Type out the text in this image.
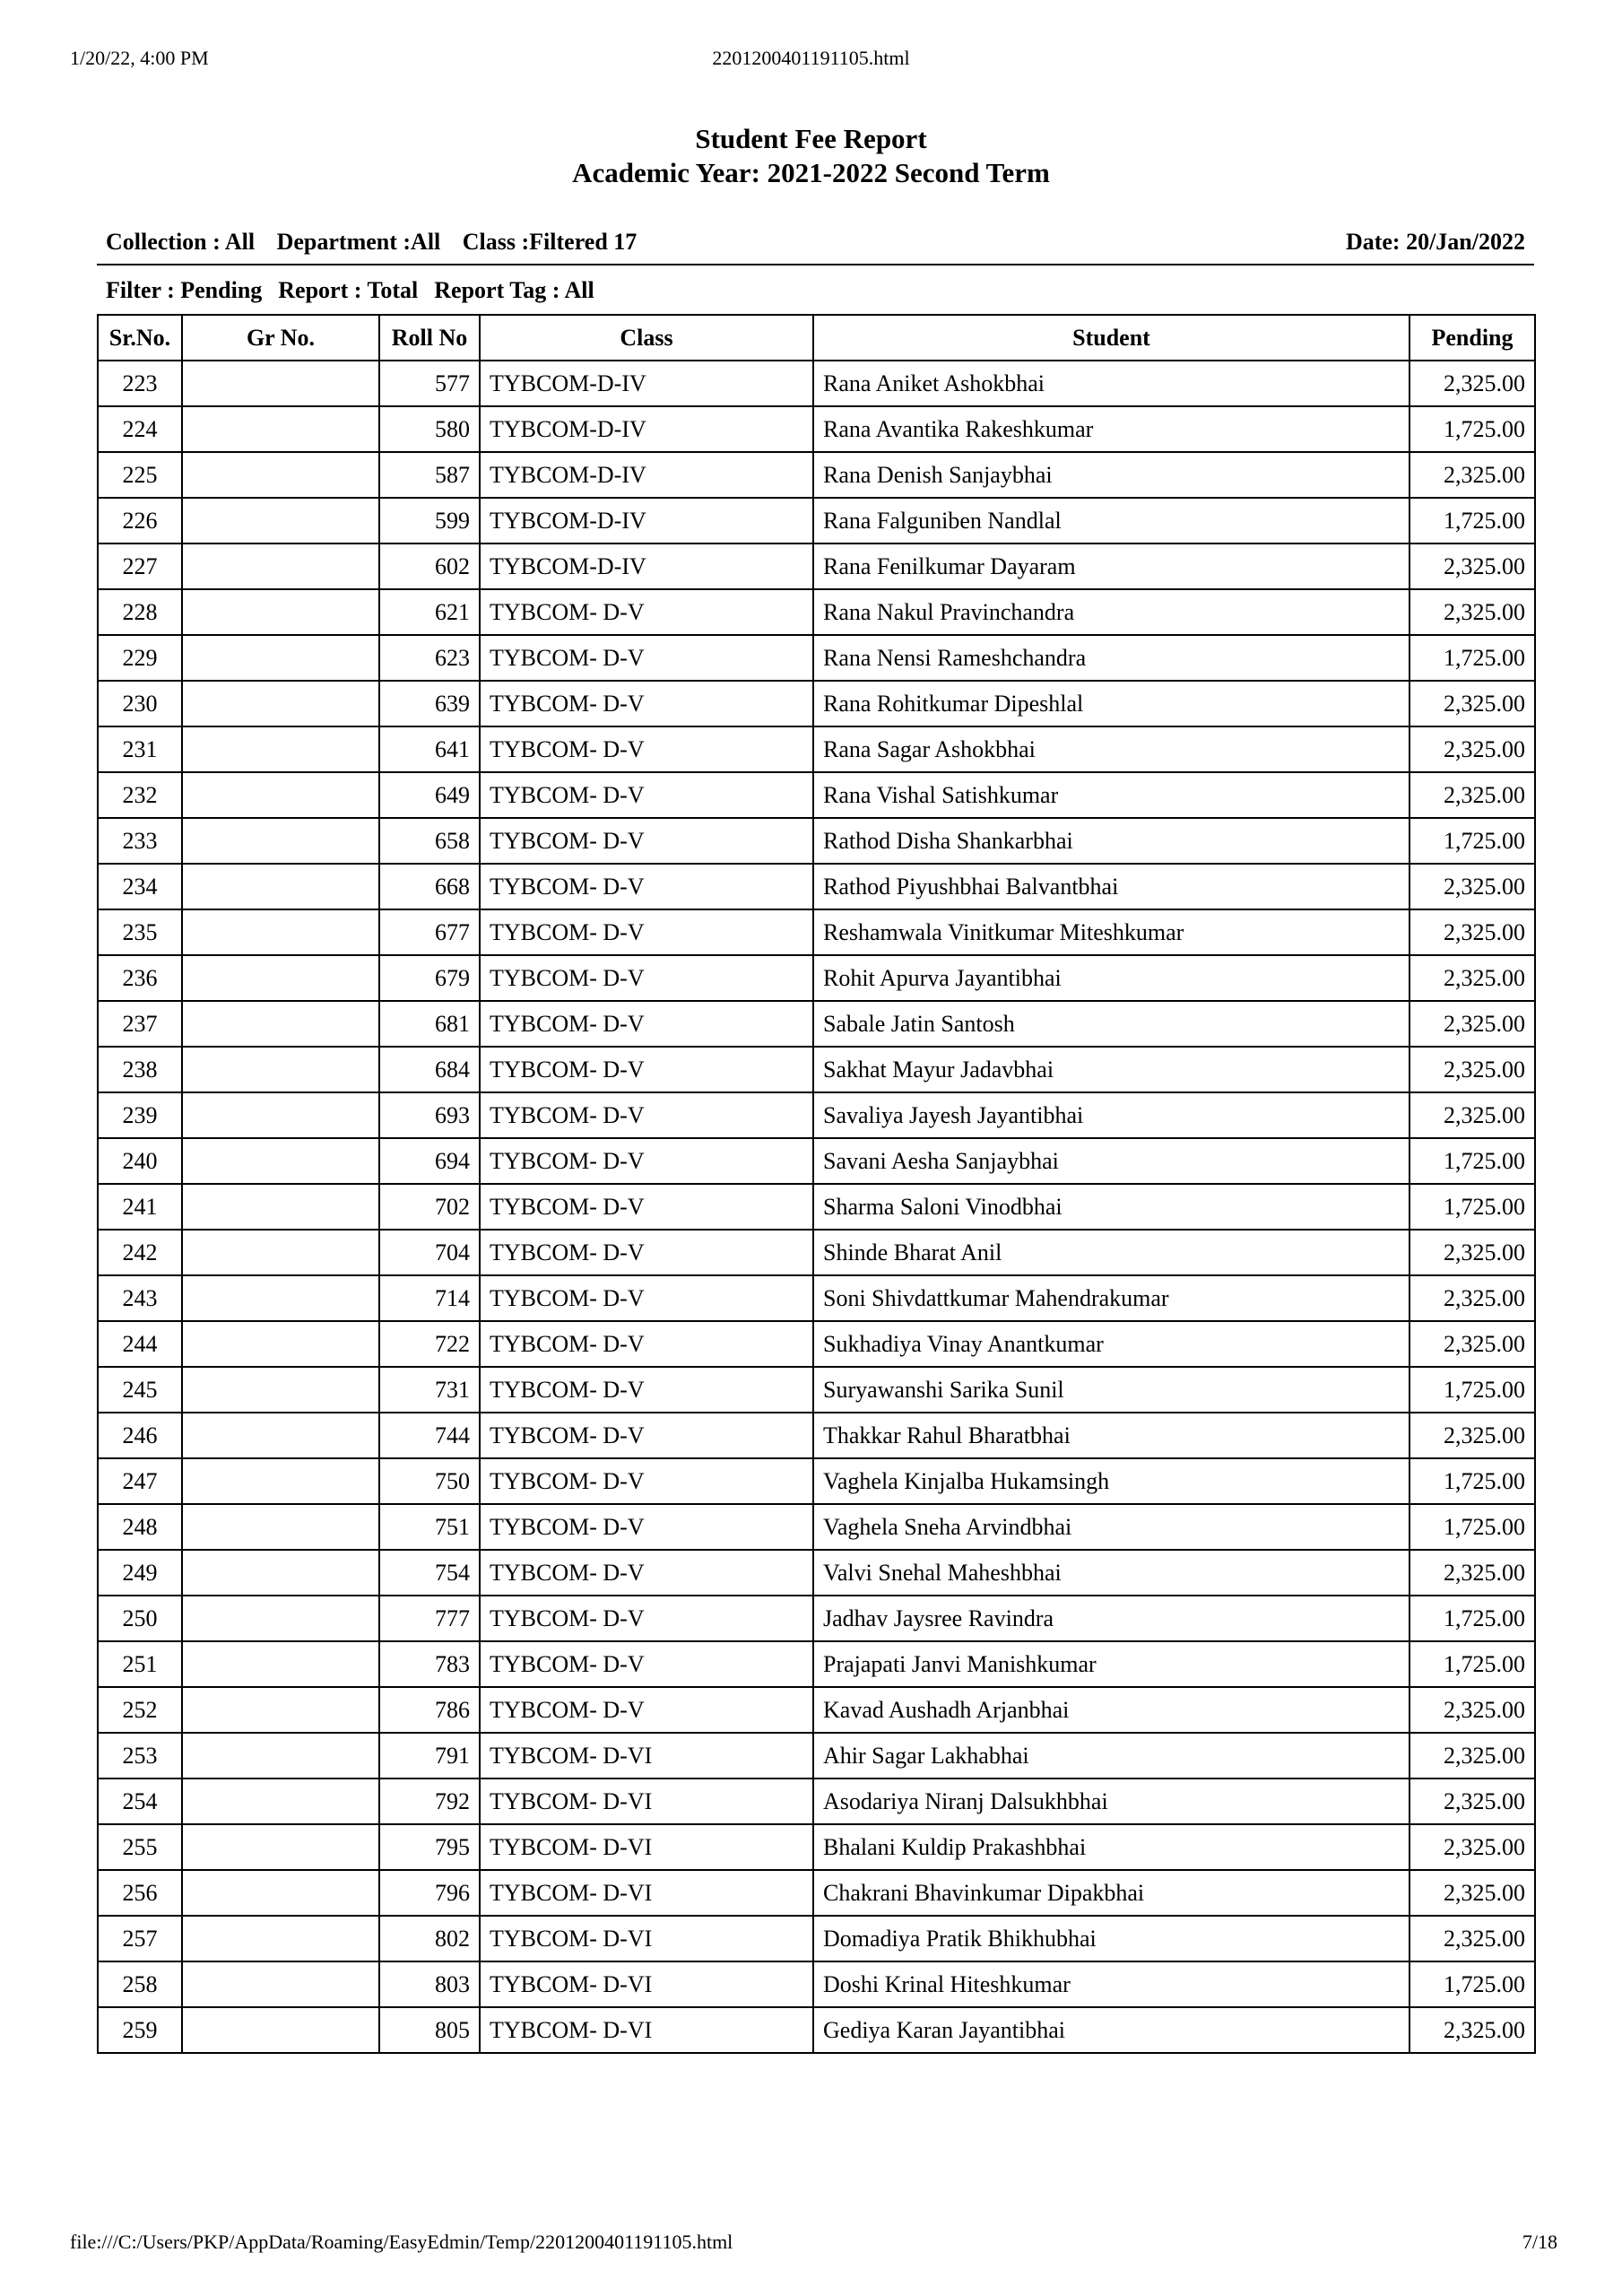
1/20/22, 4:00 PM	2201200401191105.html
Student Fee Report
Academic Year: 2021-2022 Second Term
Collection : All Department :All Class :Filtered 17	Date: 20/Jan/2022
Filter : Pending Report : Total Report Tag : All
Sr.No.	Gr No.	Roll No	Class	Student	Pending
223		577	TYBCOM-D-IV	Rana Aniket Ashokbhai	2,325.00
224		580	TYBCOM-D-IV	Rana Avantika Rakeshkumar	1,725.00
225		587	TYBCOM-D-IV	Rana Denish Sanjaybhai	2,325.00
226		599	TYBCOM-D-IV	Rana Falguniben Nandlal	1,725.00
227		602	TYBCOM-D-IV	Rana Fenilkumar Dayaram	2,325.00
228		621	TYBCOM- D-V	Rana Nakul Pravinchandra	2,325.00
229		623	TYBCOM- D-V	Rana Nensi Rameshchandra	1,725.00
230		639	TYBCOM- D-V	Rana Rohitkumar Dipeshlal	2,325.00
231		641	TYBCOM- D-V	Rana Sagar Ashokbhai	2,325.00
232		649	TYBCOM- D-V	Rana Vishal Satishkumar	2,325.00
233		658	TYBCOM- D-V	Rathod Disha Shankarbhai	1,725.00
234		668	TYBCOM- D-V	Rathod Piyushbhai Balvantbhai	2,325.00
235		677	TYBCOM- D-V	Reshamwala Vinitkumar Miteshkumar	2,325.00
236		679	TYBCOM- D-V	Rohit Apurva Jayantibhai	2,325.00
237		681	TYBCOM- D-V	Sabale Jatin Santosh	2,325.00
238		684	TYBCOM- D-V	Sakhat Mayur Jadavbhai	2,325.00
239		693	TYBCOM- D-V	Savaliya Jayesh Jayantibhai	2,325.00
240		694	TYBCOM- D-V	Savani Aesha Sanjaybhai	1,725.00
241		702	TYBCOM- D-V	Sharma Saloni Vinodbhai	1,725.00
242		704	TYBCOM- D-V	Shinde Bharat Anil	2,325.00
243		714	TYBCOM- D-V	Soni Shivdattkumar Mahendrakumar	2,325.00
244		722	TYBCOM- D-V	Sukhadiya Vinay Anantkumar	2,325.00
245		731	TYBCOM- D-V	Suryawanshi Sarika Sunil	1,725.00
246		744	TYBCOM- D-V	Thakkar Rahul Bharatbhai	2,325.00
247		750	TYBCOM- D-V	Vaghela Kinjalba Hukamsingh	1,725.00
248		751	TYBCOM- D-V	Vaghela Sneha Arvindbhai	1,725.00
249		754	TYBCOM- D-V	Valvi Snehal Maheshbhai	2,325.00
250		777	TYBCOM- D-V	Jadhav Jaysree Ravindra	1,725.00
251		783	TYBCOM- D-V	Prajapati Janvi Manishkumar	1,725.00
252		786	TYBCOM- D-V	Kavad Aushadh Arjanbhai	2,325.00
253		791	TYBCOM- D-VI	Ahir Sagar Lakhabhai	2,325.00
254		792	TYBCOM- D-VI	Asodariya Niranj Dalsukhbhai	2,325.00
255		795	TYBCOM- D-VI	Bhalani Kuldip Prakashbhai	2,325.00
256		796	TYBCOM- D-VI	Chakrani Bhavinkumar Dipakbhai	2,325.00
257		802	TYBCOM- D-VI	Domadiya Pratik Bhikhubhai	2,325.00
258		803	TYBCOM- D-VI	Doshi Krinal Hiteshkumar	1,725.00
259		805	TYBCOM- D-VI	Gediya Karan Jayantibhai	2,325.00
file:///C:/Users/PKP/AppData/Roaming/EasyEdmin/Temp/2201200401191105.html	7/18
